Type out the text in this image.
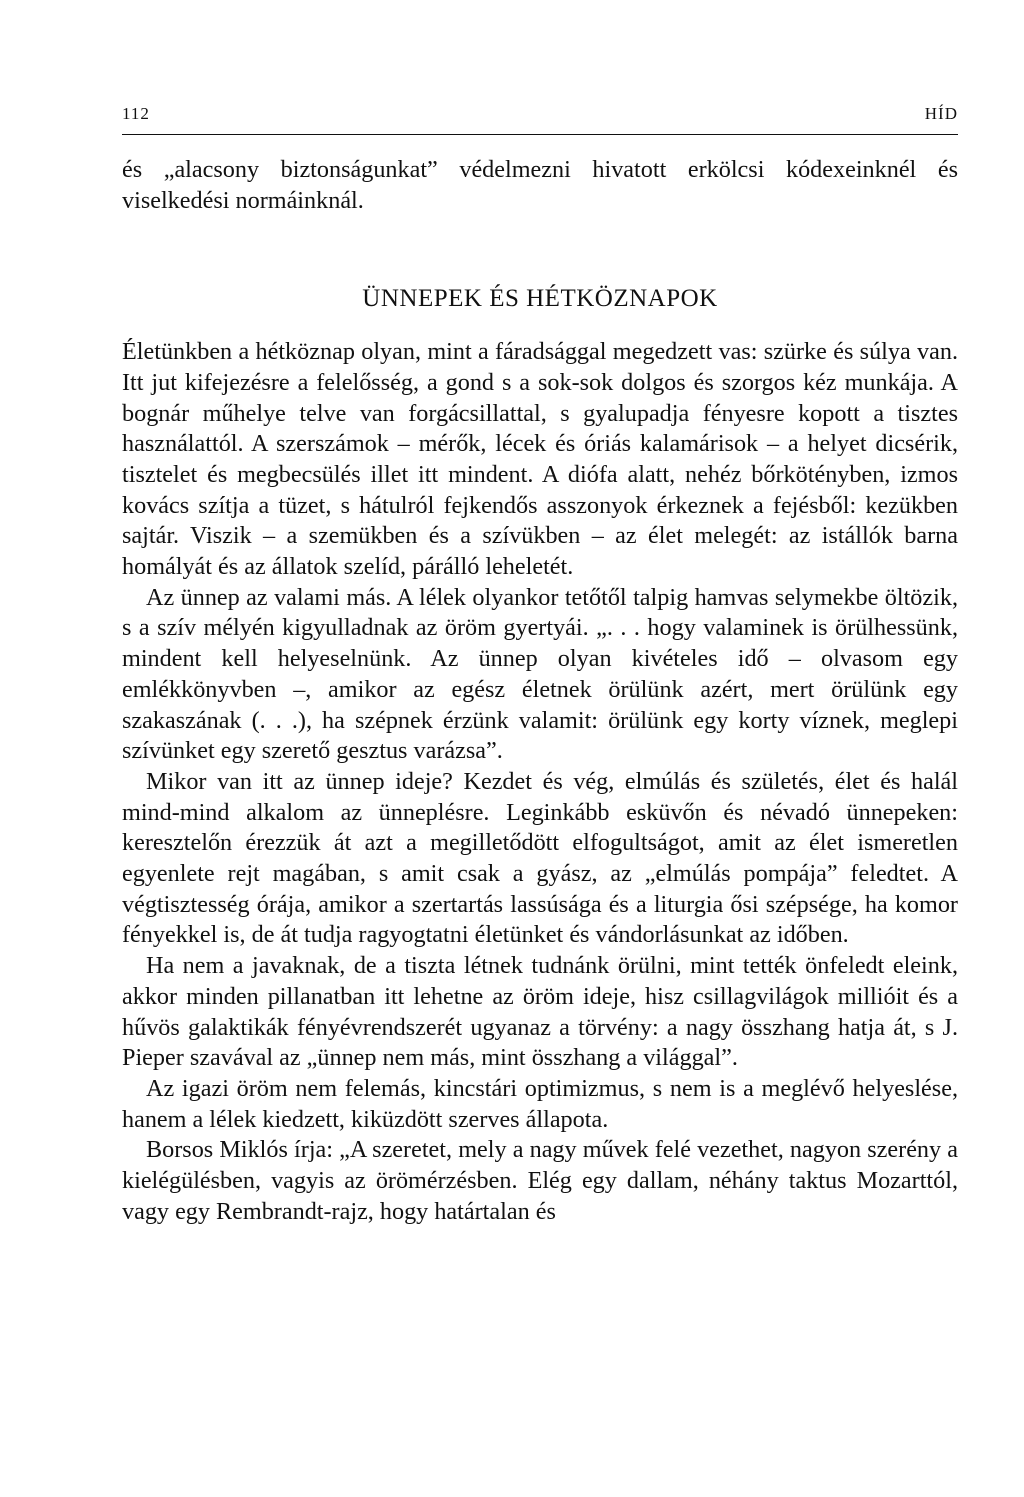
112	HÍD

és „alacsony biztonságunkat” védelmezni hivatott erkölcsi kódexeinknél és viselkedési normáinknál.

ÜNNEPEK ÉS HÉTKÖZNAPOK

Életünkben a hétköznap olyan, mint a fáradsággal megedzett vas: szürke és súlya van. Itt jut kifejezésre a felelősség, a gond s a sok-sok dolgos és szorgos kéz munkája. A bognár műhelye telve van forgácsillattal, s gyalupadja fényesre kopott a tisztes használattól. A szerszámok – mérők, lécek és óriás kalamárisok – a helyet dicsérik, tisztelet és megbecsülés illet itt mindent. A diófa alatt, nehéz bőrkötényben, izmos kovács szítja a tüzet, s hátulról fejkendős asszonyok érkeznek a fejésből: kezükben sajtár. Viszik – a szemükben és a szívükben – az élet melegét: az istállók barna homályát és az állatok szelíd, párálló leheletét.

Az ünnep az valami más. A lélek olyankor tetőtől talpig hamvas selymekbe öltözik, s a szív mélyén kigyulladnak az öröm gyertyái. „. . . hogy valaminek is örülhessünk, mindent kell helyeselnünk. Az ünnep olyan kivételes idő – olvasom egy emlékkönyvben –, amikor az egész életnek örülünk azért, mert örülünk egy szakaszának (. . .), ha szépnek érzünk valamit: örülünk egy korty víznek, meglepi szívünket egy szerető gesztus varázsa”.

Mikor van itt az ünnep ideje? Kezdet és vég, elmúlás és születés, élet és halál mind-mind alkalom az ünneplésre. Leginkább esküvőn és névadó ünnepeken: keresztelőn érezzük át azt a megilletődött elfogultságot, amit az élet ismeretlen egyenlete rejt magában, s amit csak a gyász, az „elmúlás pompája” feledtet. A végtisztesség órája, amikor a szertartás lassúsága és a liturgia ősi szépsége, ha komor fényekkel is, de át tudja ragyogtatni életünket és vándorlásunkat az időben.

Ha nem a javaknak, de a tiszta létnek tudnánk örülni, mint tették önfeledt eleink, akkor minden pillanatban itt lehetne az öröm ideje, hisz csillagvilágok millióit és a hűvös galaktikák fényévrendszerét ugyanaz a törvény: a nagy összhang hatja át, s J. Pieper szavával az „ünnep nem más, mint összhang a világgal”.

Az igazi öröm nem felemás, kincstári optimizmus, s nem is a meglévő helyeslése, hanem a lélek kiedzett, kiküzdött szerves állapota.

Borsos Miklós írja: „A szeretet, mely a nagy művek felé vezethet, nagyon szerény a kielégülésben, vagyis az örömérzésben. Elég egy dallam, néhány taktus Mozarttól, vagy egy Rembrandt-rajz, hogy határtalan és
